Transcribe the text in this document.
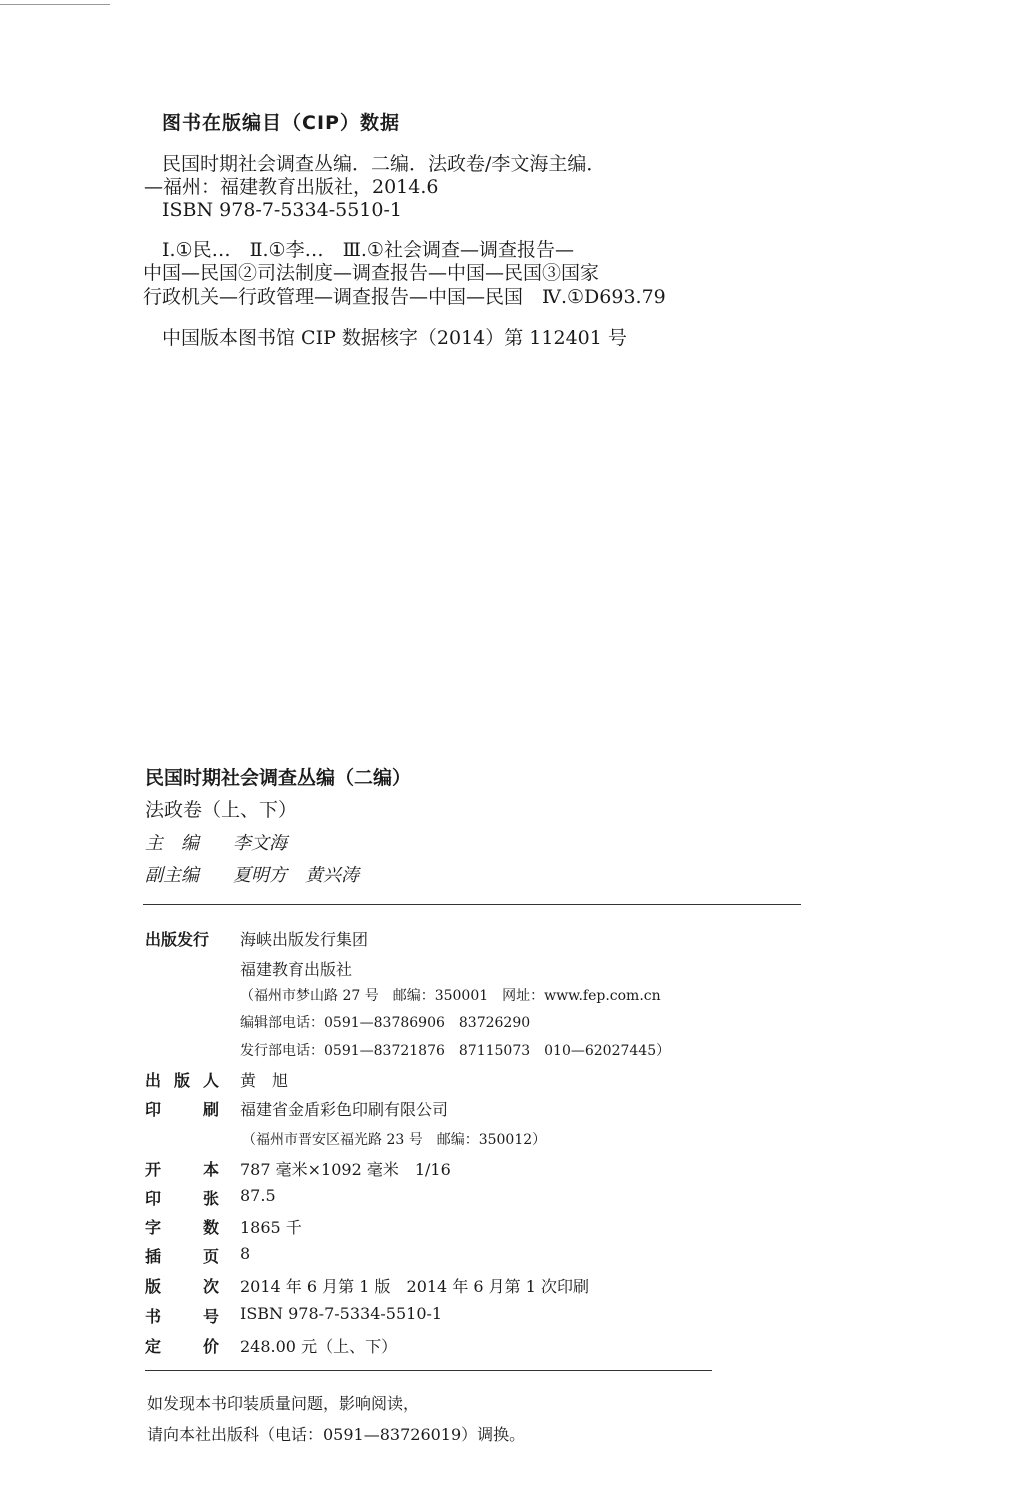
图书在版编目（CIP）数据
民国时期社会调查丛编．二编．法政卷/李文海主编．
—福州：福建教育出版社，2014.6
ISBN 978-7-5334-5510-1
Ⅰ.①民…　Ⅱ.①李…　Ⅲ.①社会调查—调查报告—
中国—民国②司法制度—调查报告—中国—民国③国家
行政机关—行政管理—调查报告—中国—民国　Ⅳ.①D693.79
中国版本图书馆 CIP 数据核字（2014）第 112401 号
民国时期社会调查丛编（二编）
法政卷（上、下）
主　编 李文海
副主编 夏明方　黄兴涛
出版发行 海峡出版发行集团
福建教育出版社
（福州市梦山路 27 号　邮编：350001　网址：www.fep.com.cn
编辑部电话：0591—83786906　83726290
发行部电话：0591—83721876　87115073　010—62027445）
出 版 人 黄　旭
印	刷 福建省金盾彩色印刷有限公司
（福州市晋安区福光路 23 号　邮编：350012）
开	本 787 毫米×1092 毫米　1/16
印	张 87.5
字	数 1865 千
插	页 8
版	次 2014 年 6 月第 1 版　2014 年 6 月第 1 次印刷
书	号 ISBN 978-7-5334-5510-1
定	价 248.00 元（上、下）
如发现本书印装质量问题，影响阅读，
请向本社出版科（电话：0591—83726019）调换。
